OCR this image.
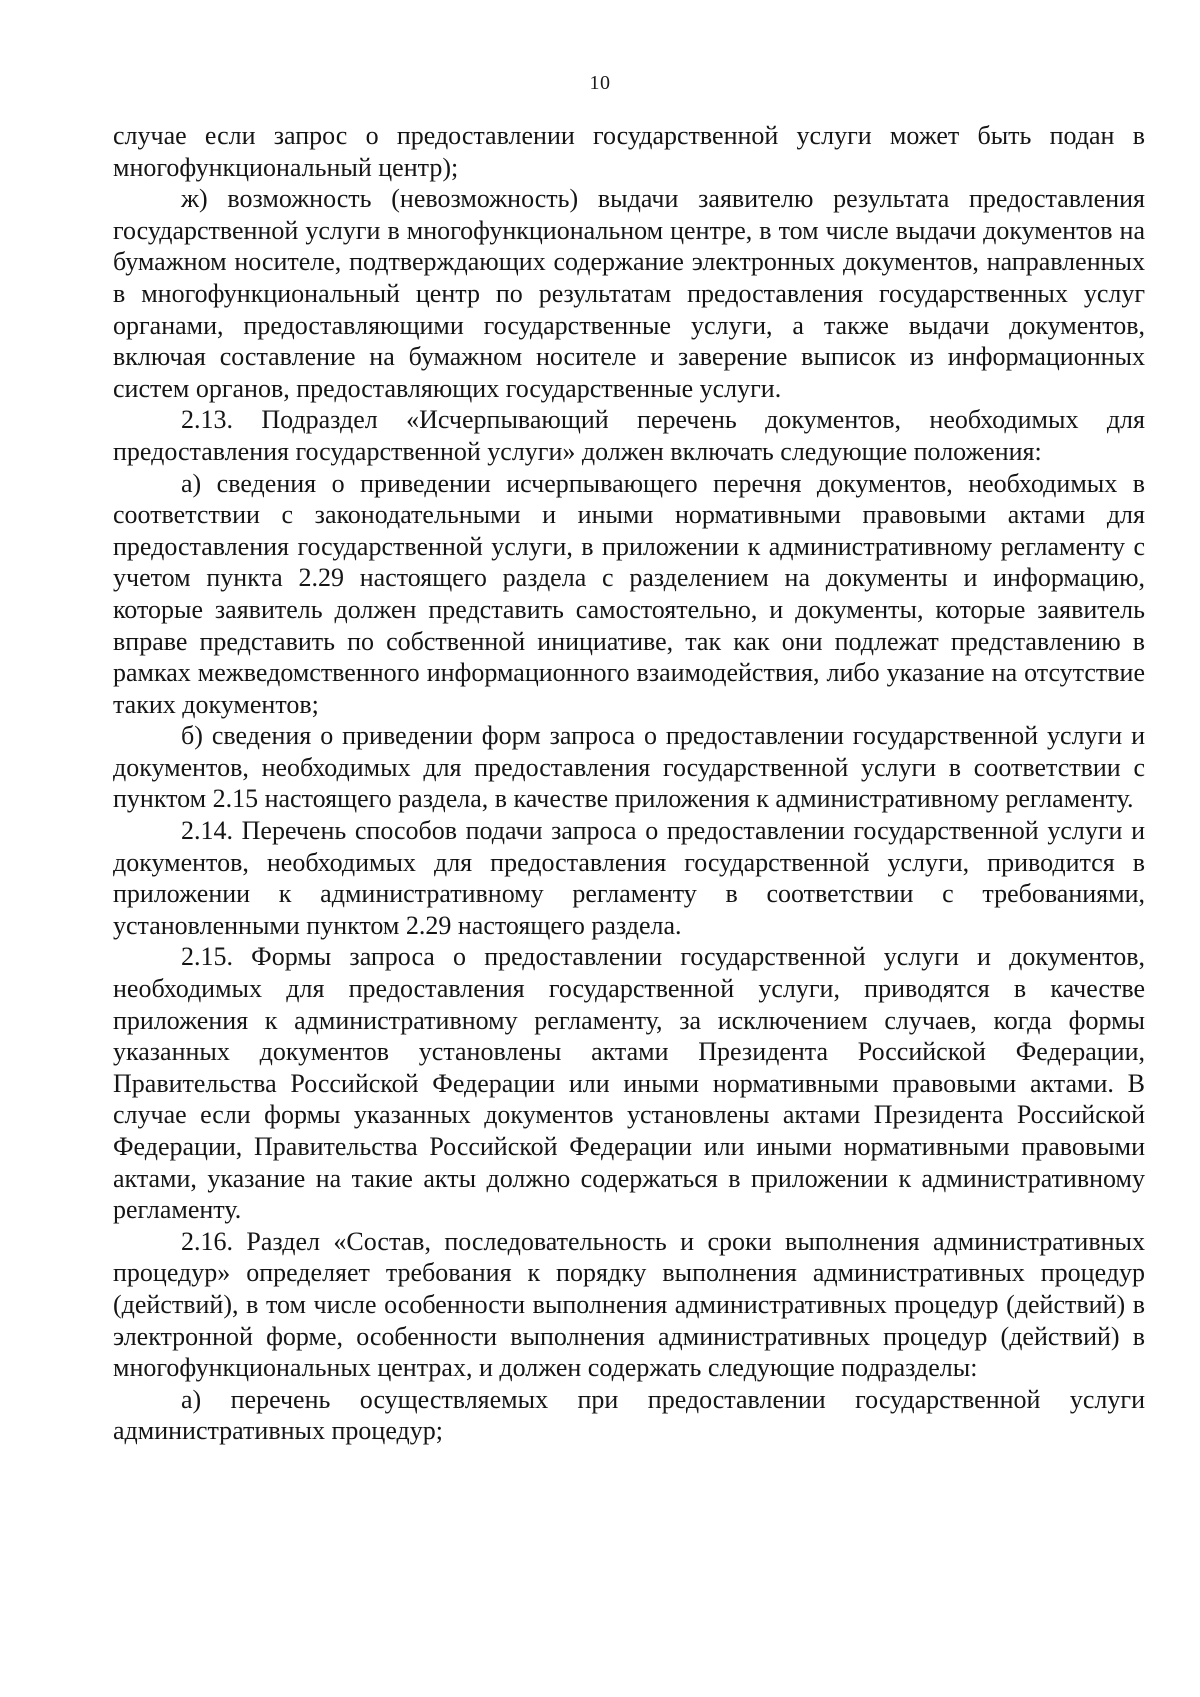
10

случае если запрос о предоставлении государственной услуги может быть подан в многофункциональный центр);

ж) возможность (невозможность) выдачи заявителю результата предоставления государственной услуги в многофункциональном центре, в том числе выдачи документов на бумажном носителе, подтверждающих содержание электронных документов, направленных в многофункциональный центр по результатам предоставления государственных услуг органами, предоставляющими государственные услуги, а также выдачи документов, включая составление на бумажном носителе и заверение выписок из информационных систем органов, предоставляющих государственные услуги.

2.13. Подраздел «Исчерпывающий перечень документов, необходимых для предоставления государственной услуги» должен включать следующие положения:

а) сведения о приведении исчерпывающего перечня документов, необходимых в соответствии с законодательными и иными нормативными правовыми актами для предоставления государственной услуги, в приложении к административному регламенту с учетом пункта 2.29 настоящего раздела с разделением на документы и информацию, которые заявитель должен представить самостоятельно, и документы, которые заявитель вправе представить по собственной инициативе, так как они подлежат представлению в рамках межведомственного информационного взаимодействия, либо указание на отсутствие таких документов;

б) сведения о приведении форм запроса о предоставлении государственной услуги и документов, необходимых для предоставления государственной услуги в соответствии с пунктом 2.15 настоящего раздела, в качестве приложения к административному регламенту.

2.14. Перечень способов подачи запроса о предоставлении государственной услуги и документов, необходимых для предоставления государственной услуги, приводится в приложении к административному регламенту в соответствии с требованиями, установленными пунктом 2.29 настоящего раздела.

2.15. Формы запроса о предоставлении государственной услуги и документов, необходимых для предоставления государственной услуги, приводятся в качестве приложения к административному регламенту, за исключением случаев, когда формы указанных документов установлены актами Президента Российской Федерации, Правительства Российской Федерации или иными нормативными правовыми актами. В случае если формы указанных документов установлены актами Президента Российской Федерации, Правительства Российской Федерации или иными нормативными правовыми актами, указание на такие акты должно содержаться в приложении к административному регламенту.

2.16. Раздел «Состав, последовательность и сроки выполнения административных процедур» определяет требования к порядку выполнения административных процедур (действий), в том числе особенности выполнения административных процедур (действий) в электронной форме, особенности выполнения административных процедур (действий) в многофункциональных центрах, и должен содержать следующие подразделы:

а) перечень осуществляемых при предоставлении государственной услуги административных процедур;
